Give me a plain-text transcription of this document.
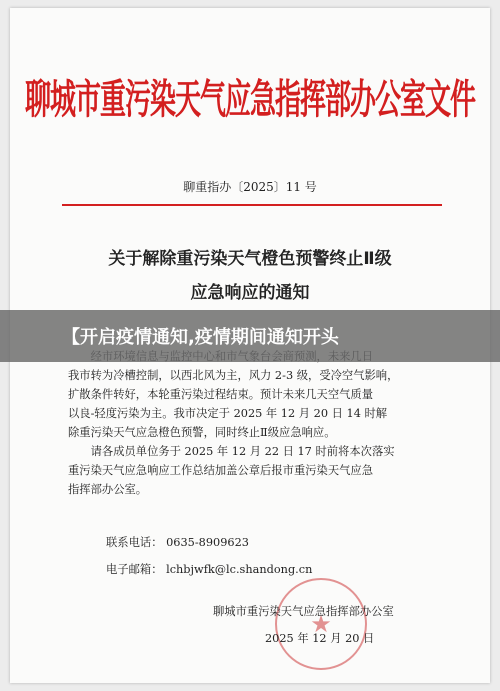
聊城市重污染天气应急指挥部办公室文件
聊重指办〔2025〕11 号
关于解除重污染天气橙色预警终止Ⅱ级
应急响应的通知

我市转为冷槽控制，以西北风为主，风力 2-3 级，受冷空气影响，

扩散条件转好，本轮重污染过程结束。预计未来几天空气质量

以良-轻度污染为主。我市决定于 2025 年 12 月 20 日 14 时解

除重污染天气应急橙色预警，同时终止Ⅱ级应急响应。

请各成员单位务于 2025 年 12 月 22 日 17 时前将本次落实

重污染天气应急响应工作总结加盖公章后报市重污染天气应急

指挥部办公室。

联系电话： 0635-8909623
电子邮箱： lchbjwfk@lc.shandong.cn
★
聊城市重污染天气应急指挥部办公室
2025 年 12 月 20 日
【开启疫情通知,疫情期间通知开头
